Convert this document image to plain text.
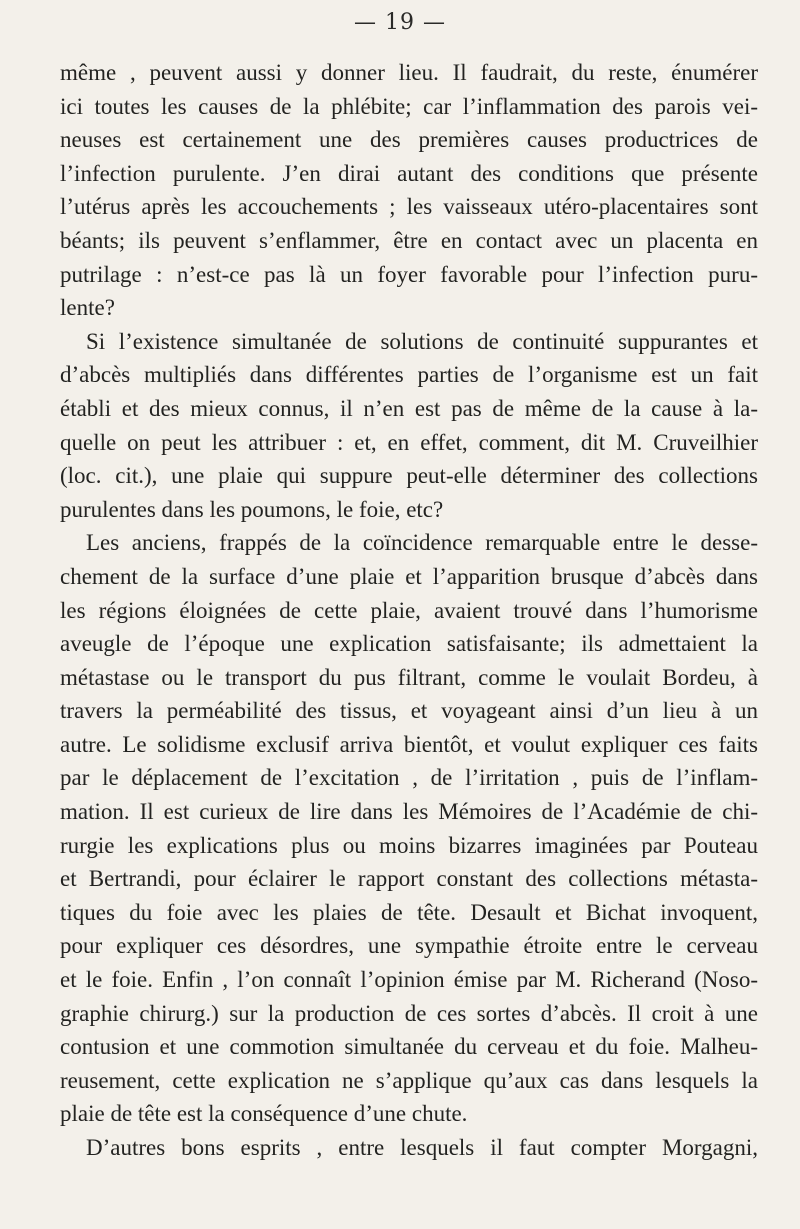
— 19 —
même , peuvent aussi y donner lieu. Il faudrait, du reste, énumérer
ici toutes les causes de la phlébite; car l’inflammation des parois vei-
neuses est certainement une des premières causes productrices de
l’infection purulente. J’en dirai autant des conditions que présente
l’utérus après les accouchements ; les vaisseaux utéro-placentaires sont
béants; ils peuvent s’enflammer, être en contact avec un placenta en
putrilage : n’est-ce pas là un foyer favorable pour l’infection puru-
lente?
Si l’existence simultanée de solutions de continuité suppurantes et
d’abcès multipliés dans différentes parties de l’organisme est un fait
établi et des mieux connus, il n’en est pas de même de la cause à la-
quelle on peut les attribuer : et, en effet, comment, dit M. Cruveilhier
(loc. cit.), une plaie qui suppure peut-elle déterminer des collections
purulentes dans les poumons, le foie, etc?
Les anciens, frappés de la coïncidence remarquable entre le desse-
chement de la surface d’une plaie et l’apparition brusque d’abcès dans
les régions éloignées de cette plaie, avaient trouvé dans l’humorisme
aveugle de l’époque une explication satisfaisante; ils admettaient la
métastase ou le transport du pus filtrant, comme le voulait Bordeu, à
travers la perméabilité des tissus, et voyageant ainsi d’un lieu à un
autre. Le solidisme exclusif arriva bientôt, et voulut expliquer ces faits
par le déplacement de l’excitation , de l’irritation , puis de l’inflam-
mation. Il est curieux de lire dans les Mémoires de l’Académie de chi-
rurgie les explications plus ou moins bizarres imaginées par Pouteau
et Bertrandi, pour éclairer le rapport constant des collections métasta-
tiques du foie avec les plaies de tête. Desault et Bichat invoquent,
pour expliquer ces désordres, une sympathie étroite entre le cerveau
et le foie. Enfin , l’on connaît l’opinion émise par M. Richerand (Noso-
graphie chirurg.) sur la production de ces sortes d’abcès. Il croit à une
contusion et une commotion simultanée du cerveau et du foie. Malheu-
reusement, cette explication ne s’applique qu’aux cas dans lesquels la
plaie de tête est la conséquence d’une chute.
D’autres bons esprits , entre lesquels il faut compter Morgagni,
